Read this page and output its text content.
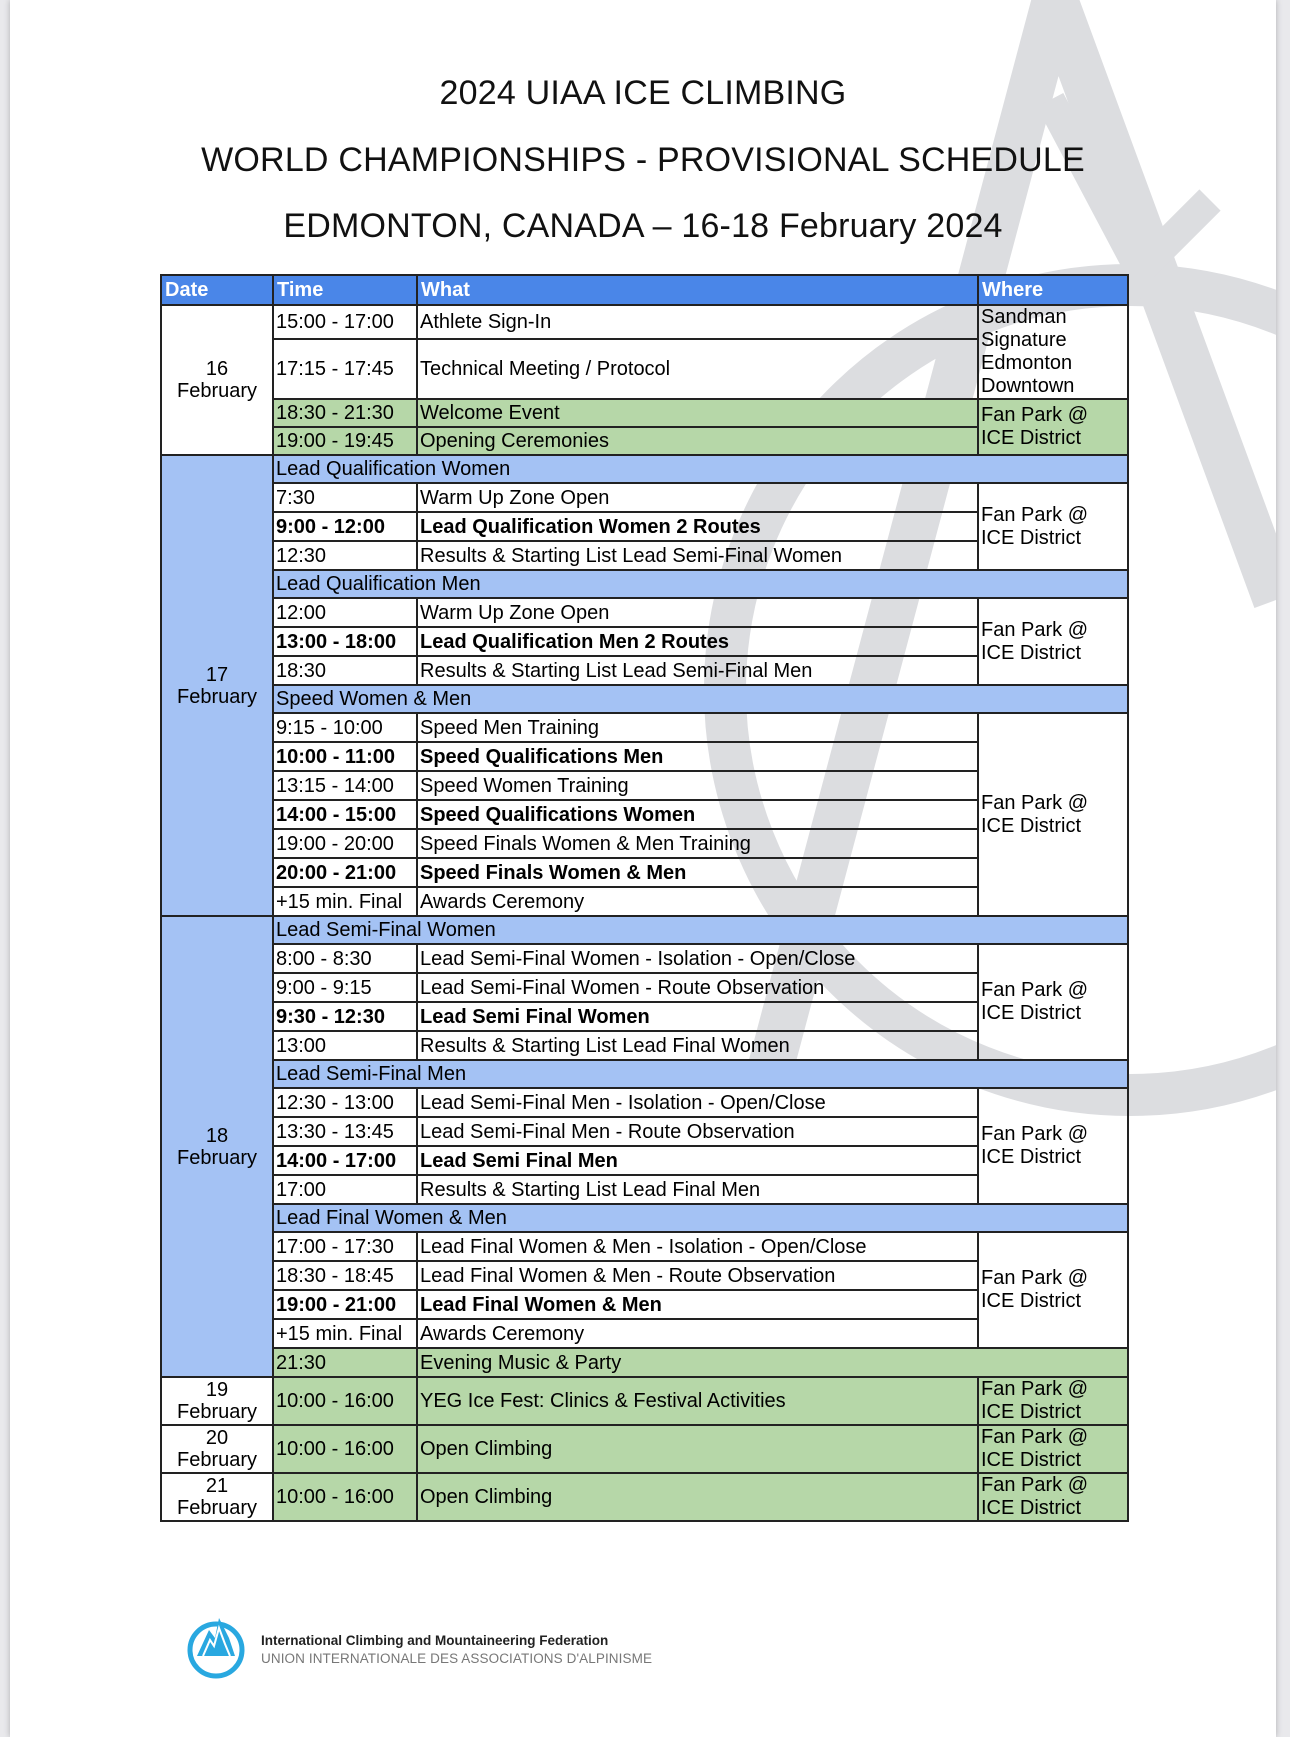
2024 UIAA ICE CLIMBING
WORLD CHAMPIONSHIPS - PROVISIONAL SCHEDULE
EDMONTON, CANADA – 16-18 February 2024
Date	Time	What	Where
16 February	15:00 - 17:00	Athlete Sign-In	Sandman Signature Edmonton Downtown
	17:15 - 17:45	Technical Meeting / Protocol	
	18:30 - 21:30	Welcome Event	Fan Park @ ICE District
	19:00 - 19:45	Opening Ceremonies	
17 February	Lead Qualification Women		
	7:30	Warm Up Zone Open	Fan Park @ ICE District
	9:00 - 12:00	Lead Qualification Women 2 Routes	
	12:30	Results & Starting List Lead Semi-Final Women	
	Lead Qualification Men		
	12:00	Warm Up Zone Open	Fan Park @ ICE District
	13:00 - 18:00	Lead Qualification Men 2 Routes	
	18:30	Results & Starting List Lead Semi-Final Men	
	Speed Women & Men		
	9:15 - 10:00	Speed Men Training	Fan Park @ ICE District
	10:00 - 11:00	Speed Qualifications Men	
	13:15 - 14:00	Speed Women Training	
	14:00 - 15:00	Speed Qualifications Women	
	19:00 - 20:00	Speed Finals Women & Men Training	
	20:00 - 21:00	Speed Finals Women & Men	
	+15 min. Final	Awards Ceremony	
18 February	Lead Semi-Final Women		
	8:00 - 8:30	Lead Semi-Final Women - Isolation - Open/Close	Fan Park @ ICE District
	9:00 - 9:15	Lead Semi-Final Women - Route Observation	
	9:30 - 12:30	Lead Semi Final Women	
	13:00	Results & Starting List Lead Final Women	
	Lead Semi-Final Men		
	12:30 - 13:00	Lead Semi-Final Men - Isolation - Open/Close	Fan Park @ ICE District
	13:30 - 13:45	Lead Semi-Final Men - Route Observation	
	14:00 - 17:00	Lead Semi Final Men	
	17:00	Results & Starting List Lead Final Men	
	Lead Final Women & Men		
	17:00 - 17:30	Lead Final Women & Men - Isolation - Open/Close	Fan Park @ ICE District
	18:30 - 18:45	Lead Final Women & Men - Route Observation	
	19:00 - 21:00	Lead Final Women & Men	
	+15 min. Final	Awards Ceremony	
	21:30	Evening Music & Party	
19 February	10:00 - 16:00	YEG Ice Fest: Clinics & Festival Activities	Fan Park @ ICE District
20 February	10:00 - 16:00	Open Climbing	Fan Park @ ICE District
21 February	10:00 - 16:00	Open Climbing	Fan Park @ ICE District
International Climbing and Mountaineering Federation
UNION INTERNATIONALE DES ASSOCIATIONS D'ALPINISME
